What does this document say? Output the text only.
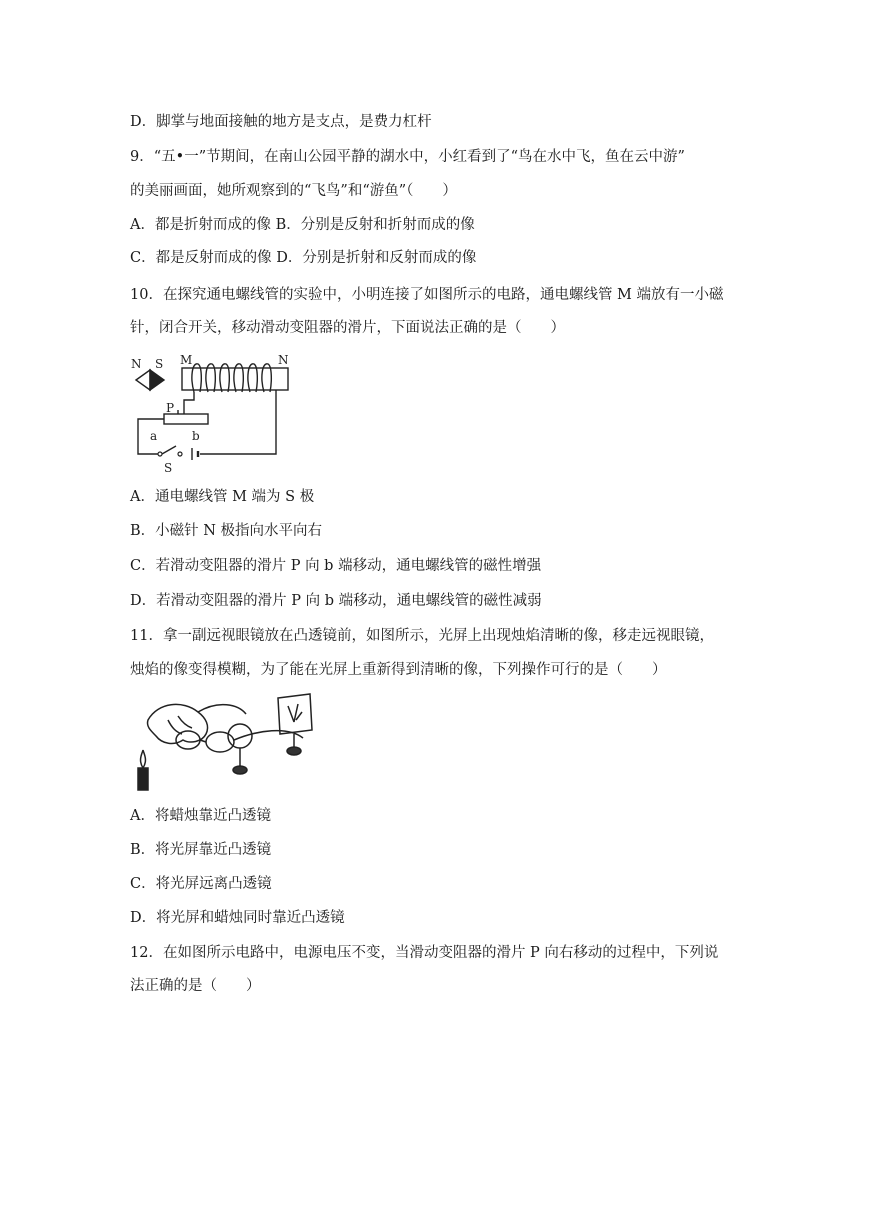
D．脚掌与地面接触的地方是支点，是费力杠杆
9．“五•一”节期间，在南山公园平静的湖水中，小红看到了“鸟在水中飞，鱼在云中游”
的美丽画面，她所观察到的“飞鸟”和“游鱼”（　　）
A．都是折射而成的像 B．分别是反射和折射而成的像
C．都是反射而成的像 D．分别是折射和反射而成的像
10．在探究通电螺线管的实验中，小明连接了如图所示的电路，通电螺线管 M 端放有一小磁
针，闭合开关，移动滑动变阻器的滑片，下面说法正确的是（　　）
N S M	N
P
a	b
S
A．通电螺线管 M 端为 S 极
B．小磁针 N 极指向水平向右
C．若滑动变阻器的滑片 P 向 b 端移动，通电螺线管的磁性增强
D．若滑动变阻器的滑片 P 向 b 端移动，通电螺线管的磁性减弱
11．拿一副远视眼镜放在凸透镜前，如图所示，光屏上出现烛焰清晰的像，移走远视眼镜，
烛焰的像变得模糊，为了能在光屏上重新得到清晰的像，下列操作可行的是（　　）
A．将蜡烛靠近凸透镜
B．将光屏靠近凸透镜
C．将光屏远离凸透镜
D．将光屏和蜡烛同时靠近凸透镜
12．在如图所示电路中，电源电压不变，当滑动变阻器的滑片 P 向右移动的过程中，下列说
法正确的是（　　）
